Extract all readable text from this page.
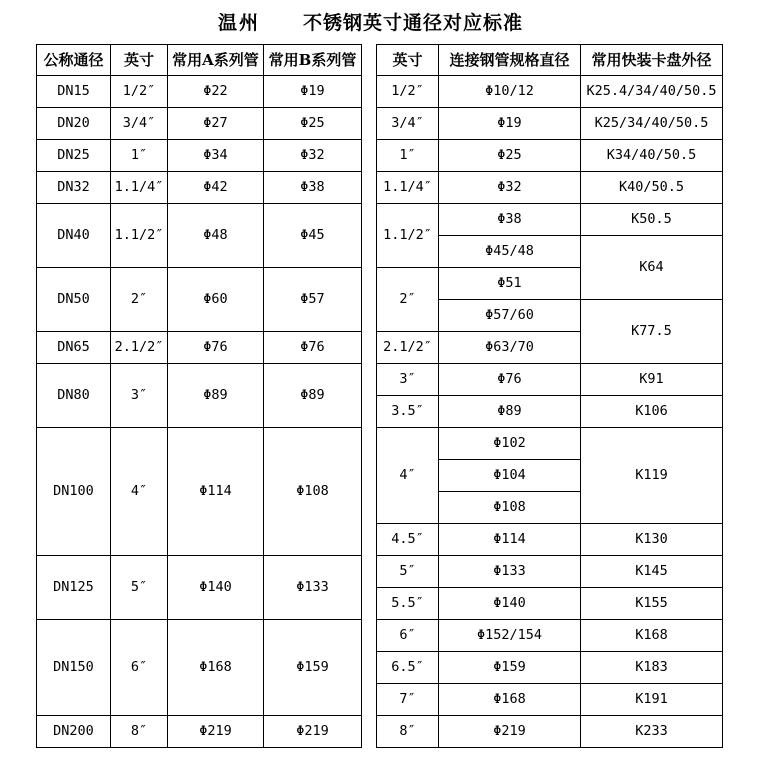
温州 不锈钢英寸通径对应标准
公称通径	英寸	常用A系列管	常用B系列管
DN15	1/2″	Φ22	Φ19
DN20	3/4″	Φ27	Φ25
DN25	1″	Φ34	Φ32
DN32	1.1/4″	Φ42	Φ38
DN40	1.1/2″	Φ48	Φ45
DN50	2″	Φ60	Φ57
DN65	2.1/2″	Φ76	Φ76
DN80	3″	Φ89	Φ89
DN100	4″	Φ114	Φ108
DN125	5″	Φ140	Φ133
DN150	6″	Φ168	Φ159
DN200	8″	Φ219	Φ219
英寸	连接钢管规格直径	常用快装卡盘外径
1/2″	Φ10/12	K25.4/34/40/50.5
3/4″	Φ19	K25/34/40/50.5
1″	Φ25	K34/40/50.5
1.1/4″	Φ32	K40/50.5
1.1/2″	Φ38	K50.5
	Φ45/48	K64
2″	Φ51	
	Φ57/60	K77.5
2.1/2″	Φ63/70	
3″	Φ76	K91
3.5″	Φ89	K106
4″	Φ102	K119
	Φ104	
	Φ108	
4.5″	Φ114	K130
5″	Φ133	K145
5.5″	Φ140	K155
6″	Φ152/154	K168
6.5″	Φ159	K183
7″	Φ168	K191
8″	Φ219	K233
